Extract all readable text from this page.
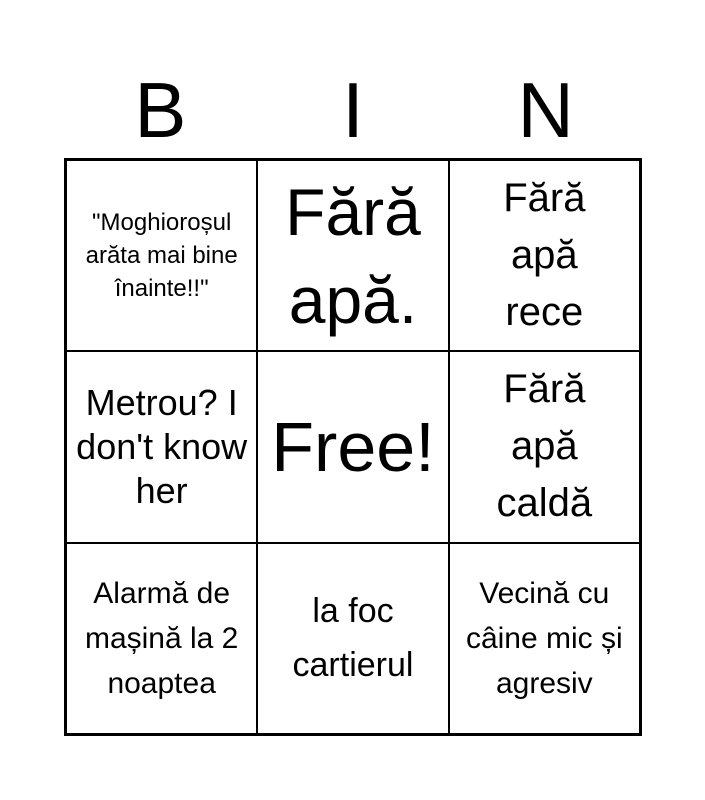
B	I	N
"Moghioroșul arăta mai bine înainte!!"
Fără apă.
Fără apă rece
Metrou? I don't know her
Free!
Fără apă caldă
Alarmă de mașină la 2 noaptea
la foc cartierul
Vecină cu câine mic și agresiv
